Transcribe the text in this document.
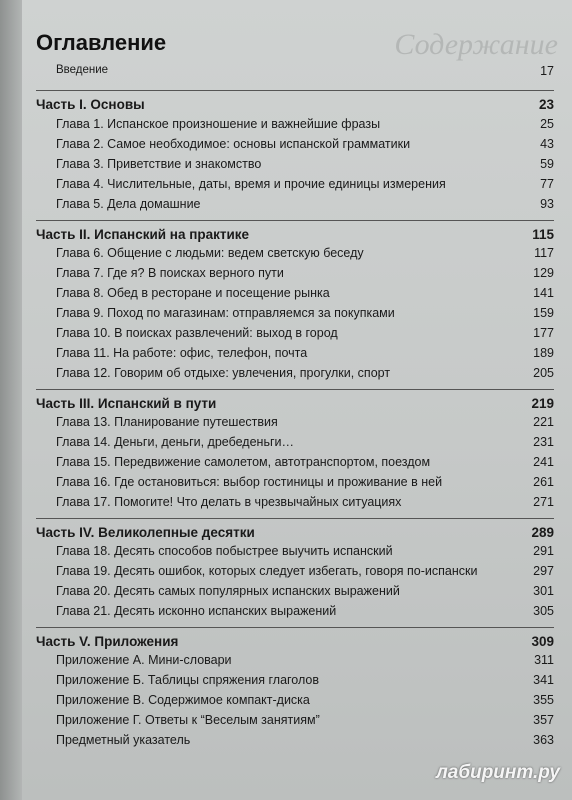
Содержание
Оглавление
Введение	17
Часть I. Основы	23
Глава 1. Испанское произношение и важнейшие фразы	25
Глава 2. Самое необходимое: основы испанской грамматики	43
Глава 3. Приветствие и знакомство	59
Глава 4. Числительные, даты, время и прочие единицы измерения	77
Глава 5. Дела домашние	93
Часть II. Испанский на практике	115
Глава 6. Общение с людьми: ведем светскую беседу	117
Глава 7. Где я? В поисках верного пути	129
Глава 8. Обед в ресторане и посещение рынка	141
Глава 9. Поход по магазинам: отправляемся за покупками	159
Глава 10. В поисках развлечений: выход в город	177
Глава 11. На работе: офис, телефон, почта	189
Глава 12. Говорим об отдыхе: увлечения, прогулки, спорт	205
Часть III. Испанский в пути	219
Глава 13. Планирование путешествия	221
Глава 14. Деньги, деньги, дребеденьги…	231
Глава 15. Передвижение самолетом, автотранспортом, поездом	241
Глава 16. Где остановиться: выбор гостиницы и проживание в ней	261
Глава 17. Помогите! Что делать в чрезвычайных ситуациях	271
Часть IV. Великолепные десятки	289
Глава 18. Десять способов побыстрее выучить испанский	291
Глава 19. Десять ошибок, которых следует избегать, говоря по-испански	297
Глава 20. Десять самых популярных испанских выражений	301
Глава 21. Десять исконно испанских выражений	305
Часть V. Приложения	309
Приложение А. Мини-словари	311
Приложение Б. Таблицы спряжения глаголов	341
Приложение В. Содержимое компакт-диска	355
Приложение Г. Ответы к “Веселым занятиям”	357
Предметный указатель	363
лабиринт.ру
